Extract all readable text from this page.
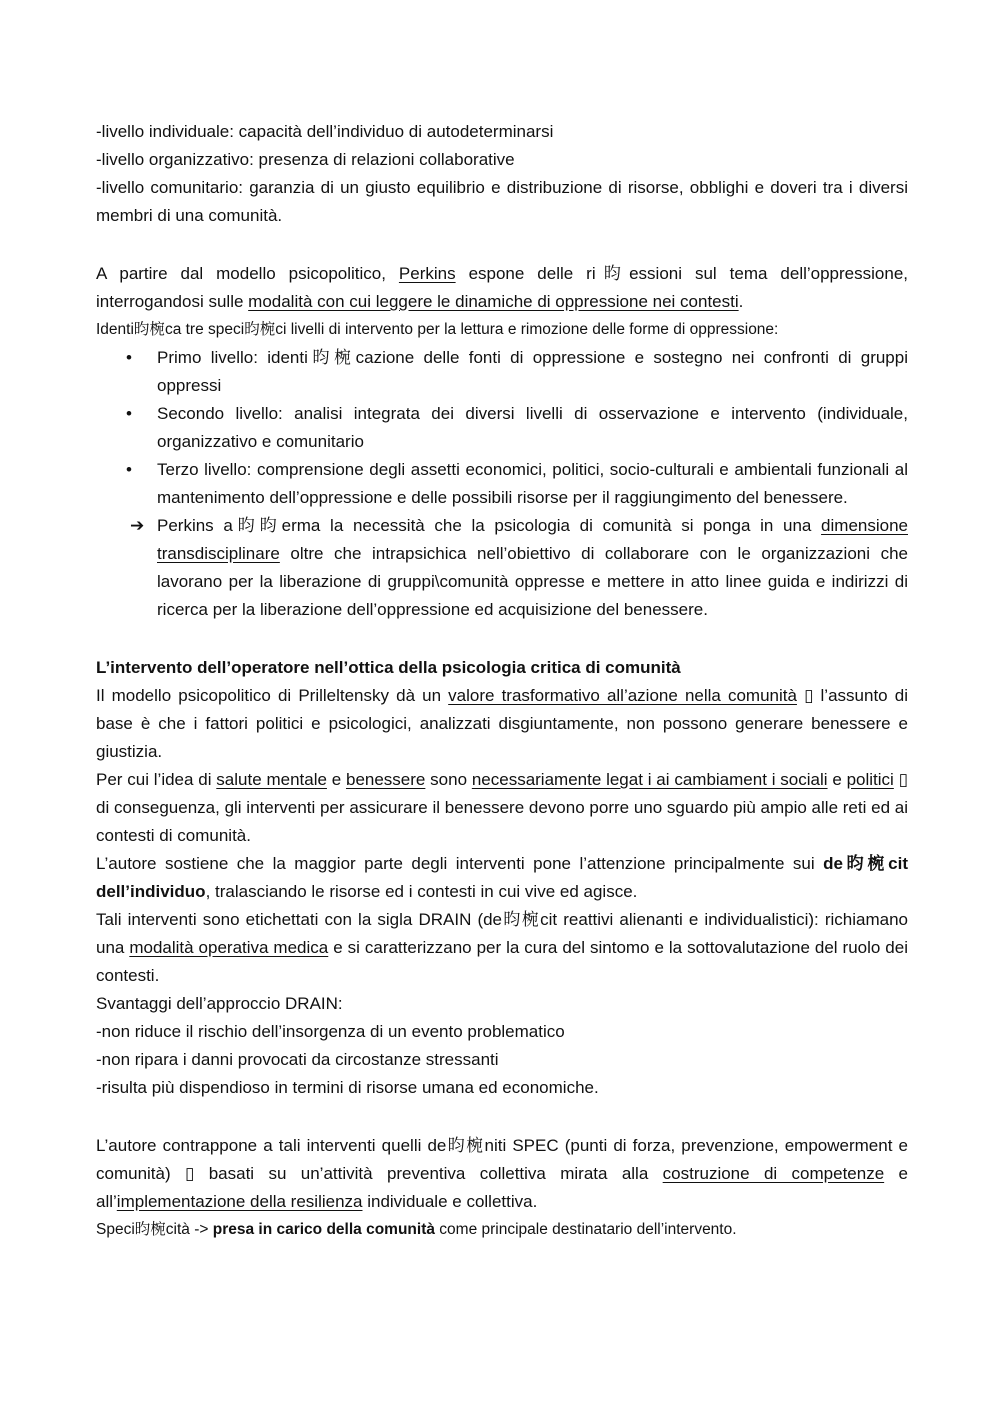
-livello individuale: capacità dell’individuo di autodeterminarsi

-livello organizzativo: presenza di relazioni collaborative

-livello comunitario: garanzia di un giusto equilibrio e distribuzione di risorse, obblighi e doveri tra i diversi membri di una comunità.

A partire dal modello psicopolitico, Perkins espone delle ri昀essioni sul tema dell’oppressione, interrogandosi sulle modalità con cui leggere le dinamiche di oppressione nei contesti.

Identi昀椀ca tre speci昀椀ci livelli di intervento per la lettura e rimozione delle forme di oppressione:

• Primo livello: identi昀椀cazione delle fonti di oppressione e sostegno nei confronti di gruppi oppressi
• Secondo livello: analisi integrata dei diversi livelli di osservazione e intervento (individuale, organizzativo e comunitario
• Terzo livello: comprensione degli assetti economici, politici, socio-culturali e ambientali funzionali al mantenimento dell’oppressione e delle possibili risorse per il raggiungimento del benessere.
➔ Perkins a昀昀erma la necessità che la psicologia di comunità si ponga in una dimensione transdisciplinare oltre che intrapsichica nell’obiettivo di collaborare con le organizzazioni che lavorano per la liberazione di gruppi\comunità oppresse e mettere in atto linee guida e indirizzi di ricerca per la liberazione dell’oppressione ed acquisizione del benessere.

L’intervento dell’operatore nell’ottica della psicologia critica di comunità

Il modello psicopolitico di Prilleltensky dà un valore trasformativo all’azione nella comunità ▯ l’assunto di base è che i fattori politici e psicologici, analizzati disgiuntamente, non possono generare benessere e giustizia.

Per cui l’idea di salute mentale e benessere sono necessariamente legat i ai cambiament i sociali e politici ▯ di conseguenza, gli interventi per assicurare il benessere devono porre uno sguardo più ampio alle reti ed ai contesti di comunità.

L’autore sostiene che la maggior parte degli interventi pone l’attenzione principalmente sui de昀椀cit dell’individuo, tralasciando le risorse ed i contesti in cui vive ed agisce.

Tali interventi sono etichettati con la sigla DRAIN (de昀椀cit reattivi alienanti e individualistici): richiamano una modalità operativa medica e si caratterizzano per la cura del sintomo e la sottovalutazione del ruolo dei contesti.

Svantaggi dell’approccio DRAIN:

-non riduce il rischio dell’insorgenza di un evento problematico

-non ripara i danni provocati da circostanze stressanti

-risulta più dispendioso in termini di risorse umana ed economiche.

L’autore contrappone a tali interventi quelli de昀椀niti SPEC (punti di forza, prevenzione, empowerment e comunità) ▯ basati su un’attività preventiva collettiva mirata alla costruzione di competenze e all’implementazione della resilienza individuale e collettiva.

Speci昀椀cità -> presa in carico della comunità come principale destinatario dell’intervento.
